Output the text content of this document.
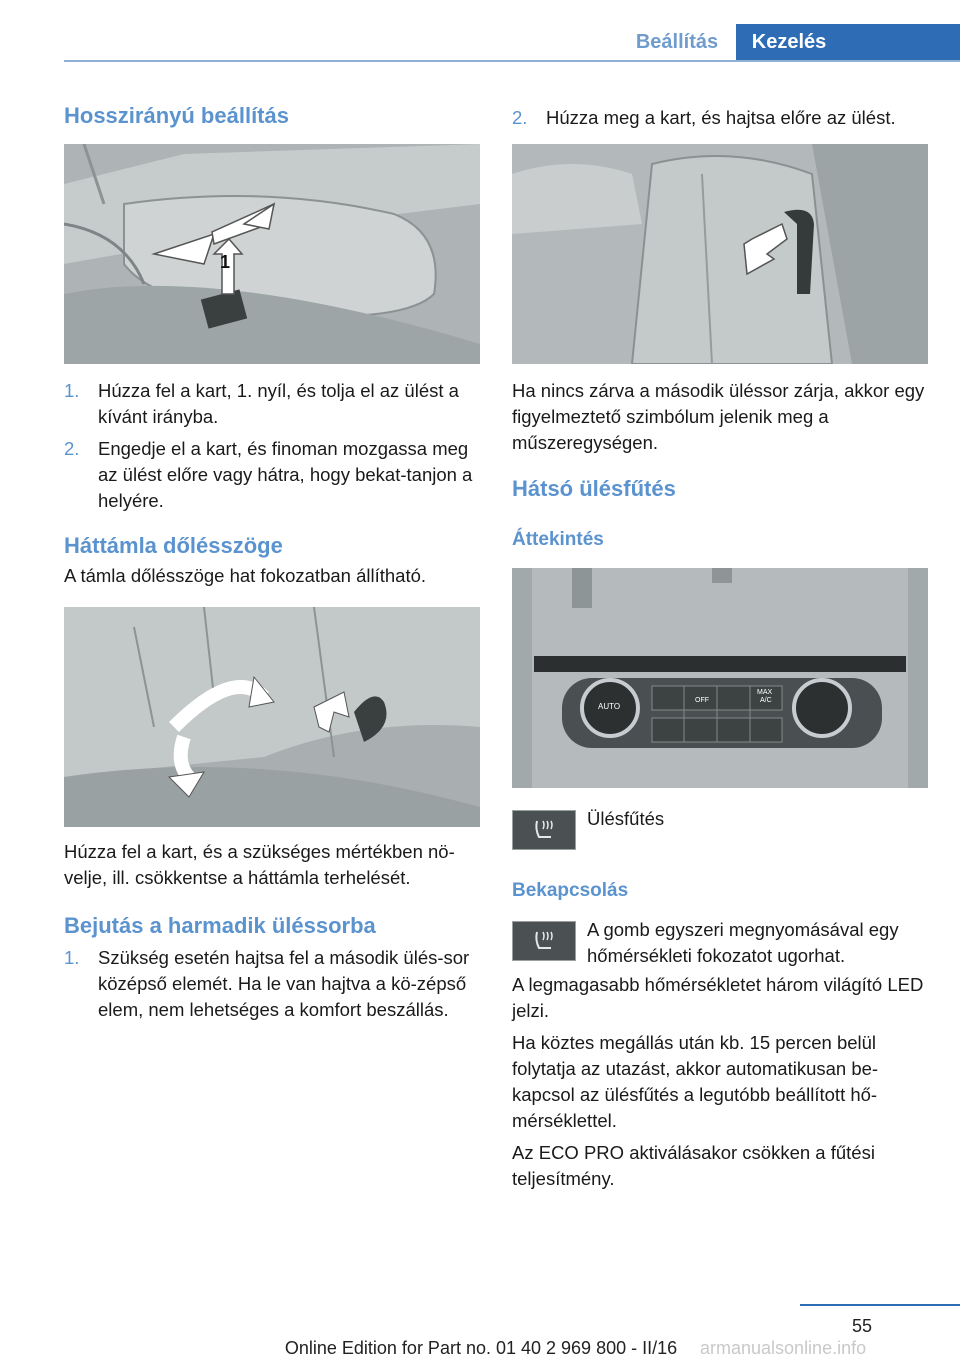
Beállítás	Kezelés
Hosszirányú beállítás
1
1. Húzza fel a kart, 1. nyíl, és tolja el az ülést a kívánt irányba.
2. Engedje el a kart, és finoman mozgassa meg az ülést előre vagy hátra, hogy bekat-tanjon a helyére.
Háttámla dőlésszöge

A támla dőlésszöge hat fokozatban állítható.

Húzza fel a kart, és a szükséges mértékben nö-velje, ill. csökkentse a háttámla terhelését.

Bejutás a harmadik üléssorba
1. Szükség esetén hajtsa fel a második ülés-sor középső elemét. Ha le van hajtva a kö-zépső elem, nem lehetséges a komfort beszállás.
2. Húzza meg a kart, és hajtsa előre az ülést.

Ha nincs zárva a második üléssor zárja, akkor egy figyelmeztető szimbólum jelenik meg a műszeregységen.

Hátsó ülésfűtés
Áttekintés
AUTO
OFF
MAX
A/C

Ülésfűtés

Bekapcsolás

A gomb egyszeri megnyomásával egy hőmérsékleti fokozatot ugorhat.

A legmagasabb hőmérsékletet három világító LED jelzi.

Ha köztes megállás után kb. 15 percen belül folytatja az utazást, akkor automatikusan be-kapcsol az ülésfűtés a legutóbb beállított hő-mérséklettel.

Az ECO PRO aktiválásakor csökken a fűtési teljesítmény.

55
Online Edition for Part no. 01 40 2 969 800 - II/16	armanualsonline.info
